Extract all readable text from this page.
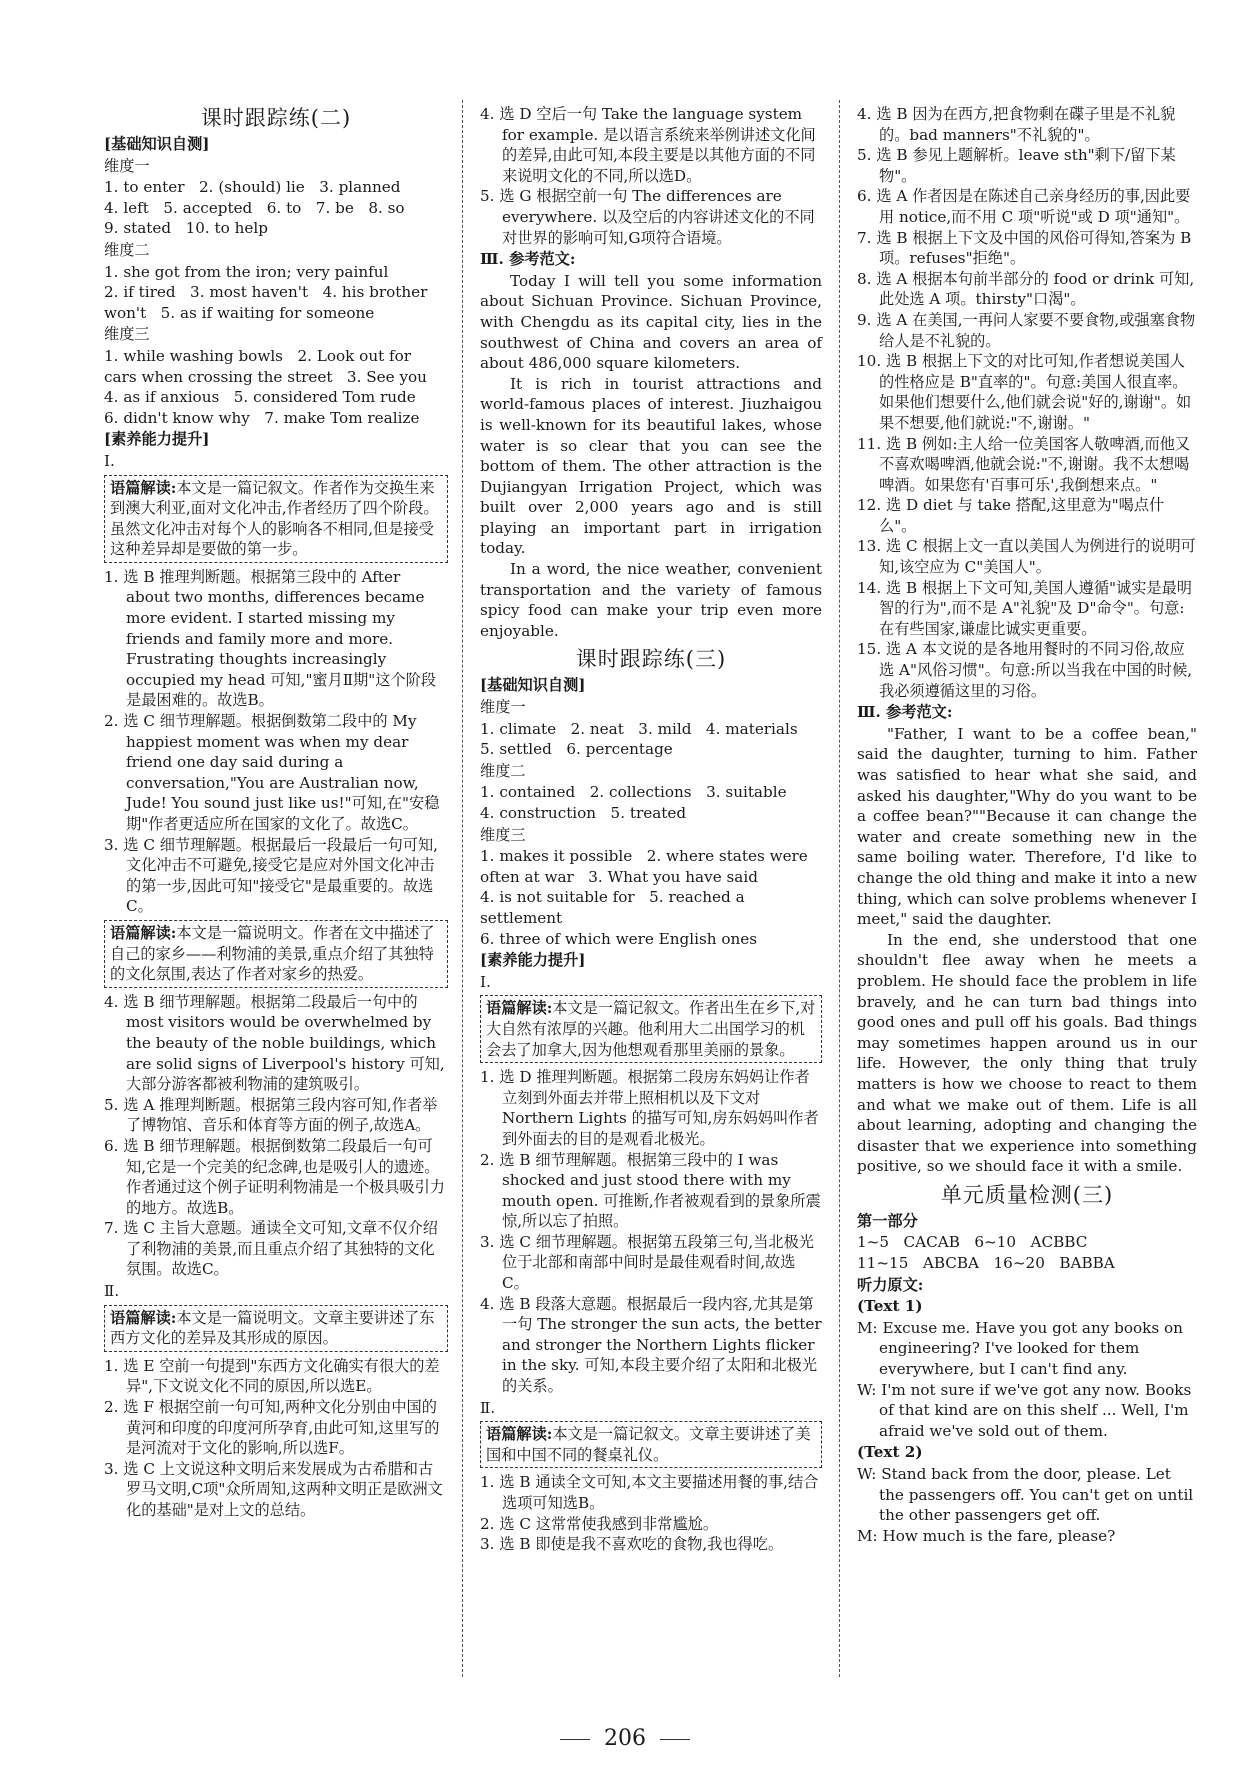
课时跟踪练(二)
[基础知识自测]
维度一
1. to enter   2. (should) lie   3. planned
4. left   5. accepted   6. to   7. be   8. so
9. stated   10. to help
维度二
1. she got from the iron; very painful
2. if tired   3. most haven't   4. his brother
won't   5. as if waiting for someone
维度三
1. while washing bowls   2. Look out for
cars when crossing the street   3. See you
4. as if anxious   5. considered Tom rude
6. didn't know why   7. make Tom realize
[素养能力提升]
Ⅰ.
语篇解读:本文是一篇记叙文。作者作为交换生来到澳大利亚,面对文化冲击,作者经历了四个阶段。虽然文化冲击对每个人的影响各不相同,但是接受这种差异却是要做的第一步。

1. 选 B 推理判断题。根据第三段中的 After about two months, differences became more evident. I started missing my friends and family more and more. Frustrating thoughts increasingly occupied my head 可知,"蜜月Ⅱ期"这个阶段是最困难的。故选B。

2. 选 C 细节理解题。根据倒数第二段中的 My happiest moment was when my dear friend one day said during a conversation,"You are Australian now, Jude! You sound just like us!"可知,在"安稳期"作者更适应所在国家的文化了。故选C。

3. 选 C 细节理解题。根据最后一段最后一句可知,文化冲击不可避免,接受它是应对外国文化冲击的第一步,因此可知"接受它"是最重要的。故选C。

语篇解读:本文是一篇说明文。作者在文中描述了自己的家乡——利物浦的美景,重点介绍了其独特的文化氛围,表达了作者对家乡的热爱。

4. 选 B 细节理解题。根据第二段最后一句中的 most visitors would be overwhelmed by the beauty of the noble buildings, which are solid signs of Liverpool's history 可知,大部分游客都被利物浦的建筑吸引。

5. 选 A 推理判断题。根据第三段内容可知,作者举了博物馆、音乐和体育等方面的例子,故选A。

6. 选 B 细节理解题。根据倒数第二段最后一句可知,它是一个完美的纪念碑,也是吸引人的遗迹。作者通过这个例子证明利物浦是一个极具吸引力的地方。故选B。

7. 选 C 主旨大意题。通读全文可知,文章不仅介绍了利物浦的美景,而且重点介绍了其独特的文化氛围。故选C。

Ⅱ.
语篇解读:本文是一篇说明文。文章主要讲述了东西方文化的差异及其形成的原因。

1. 选 E 空前一句提到"东西方文化确实有很大的差异",下文说文化不同的原因,所以选E。

2. 选 F 根据空前一句可知,两种文化分别由中国的黄河和印度的印度河所孕育,由此可知,这里写的是河流对于文化的影响,所以选F。

3. 选 C 上文说这种文明后来发展成为古希腊和古罗马文明,C项"众所周知,这两种文明正是欧洲文化的基础"是对上文的总结。

4. 选 D 空后一句 Take the language system for example. 是以语言系统来举例讲述文化间的差异,由此可知,本段主要是以其他方面的不同来说明文化的不同,所以选D。

5. 选 G 根据空前一句 The differences are everywhere. 以及空后的内容讲述文化的不同对世界的影响可知,G项符合语境。

Ⅲ. 参考范文:

Today I will tell you some information about Sichuan Province. Sichuan Province, with Chengdu as its capital city, lies in the southwest of China and covers an area of about 486,000 square kilometers.

It is rich in tourist attractions and world-famous places of interest. Jiuzhaigou is well-known for its beautiful lakes, whose water is so clear that you can see the bottom of them. The other attraction is the Dujiangyan Irrigation Project, which was built over 2,000 years ago and is still playing an important part in irrigation today.

In a word, the nice weather, convenient transportation and the variety of famous spicy food can make your trip even more enjoyable.

课时跟踪练(三)
[基础知识自测]
维度一
1. climate   2. neat   3. mild   4. materials
5. settled   6. percentage
维度二
1. contained   2. collections   3. suitable
4. construction   5. treated
维度三
1. makes it possible   2. where states were
often at war   3. What you have said
4. is not suitable for   5. reached a settlement
6. three of which were English ones
[素养能力提升]
Ⅰ.
语篇解读:本文是一篇记叙文。作者出生在乡下,对大自然有浓厚的兴趣。他利用大二出国学习的机会去了加拿大,因为他想观看那里美丽的景象。

1. 选 D 推理判断题。根据第二段房东妈妈让作者立刻到外面去并带上照相机以及下文对 Northern Lights 的描写可知,房东妈妈叫作者到外面去的目的是观看北极光。

2. 选 B 细节理解题。根据第三段中的 I was shocked and just stood there with my mouth open. 可推断,作者被观看到的景象所震惊,所以忘了拍照。

3. 选 C 细节理解题。根据第五段第三句,当北极光位于北部和南部中间时是最佳观看时间,故选C。

4. 选 B 段落大意题。根据最后一段内容,尤其是第一句 The stronger the sun acts, the better and stronger the Northern Lights flicker in the sky. 可知,本段主要介绍了太阳和北极光的关系。

Ⅱ.
语篇解读:本文是一篇记叙文。文章主要讲述了美国和中国不同的餐桌礼仪。

1. 选 B 通读全文可知,本文主要描述用餐的事,结合选项可知选B。

2. 选 C 这常常使我感到非常尴尬。

3. 选 B 即使是我不喜欢吃的食物,我也得吃。

4. 选 B 因为在西方,把食物剩在碟子里是不礼貌的。bad manners"不礼貌的"。

5. 选 B 参见上题解析。leave sth"剩下/留下某物"。

6. 选 A 作者因是在陈述自己亲身经历的事,因此要用 notice,而不用 C 项"听说"或 D 项"通知"。

7. 选 B 根据上下文及中国的风俗可得知,答案为 B 项。refuses"拒绝"。

8. 选 A 根据本句前半部分的 food or drink 可知,此处选 A 项。thirsty"口渴"。

9. 选 A 在美国,一再问人家要不要食物,或强塞食物给人是不礼貌的。

10. 选 B 根据上下文的对比可知,作者想说美国人的性格应是 B"直率的"。句意:美国人很直率。如果他们想要什么,他们就会说"好的,谢谢"。如果不想要,他们就说:"不,谢谢。"

11. 选 B 例如:主人给一位美国客人敬啤酒,而他又不喜欢喝啤酒,他就会说:"不,谢谢。我不太想喝啤酒。如果您有'百事可乐',我倒想来点。"

12. 选 D diet 与 take 搭配,这里意为"喝点什么"。

13. 选 C 根据上文一直以美国人为例进行的说明可知,该空应为 C"美国人"。

14. 选 B 根据上下文可知,美国人遵循"诚实是最明智的行为",而不是 A"礼貌"及 D"命令"。句意:在有些国家,谦虚比诚实更重要。

15. 选 A 本文说的是各地用餐时的不同习俗,故应选 A"风俗习惯"。句意:所以当我在中国的时候,我必须遵循这里的习俗。

Ⅲ. 参考范文:

"Father, I want to be a coffee bean," said the daughter, turning to him. Father was satisfied to hear what she said, and asked his daughter,"Why do you want to be a coffee bean?""Because it can change the water and create something new in the same boiling water. Therefore, I'd like to change the old thing and make it into a new thing, which can solve problems whenever I meet," said the daughter.

In the end, she understood that one shouldn't flee away when he meets a problem. He should face the problem in life bravely, and he can turn bad things into good ones and pull off his goals. Bad things may sometimes happen around us in our life. However, the only thing that truly matters is how we choose to react to them and what we make out of them. Life is all about learning, adopting and changing the disaster that we experience into something positive, so we should face it with a smile.

单元质量检测(三)
第一部分
1~5   CACAB   6~10   ACBBC
11~15   ABCBA   16~20   BABBA
听力原文:
(Text 1)

M: Excuse me. Have you got any books on engineering? I've looked for them everywhere, but I can't find any.

W: I'm not sure if we've got any now. Books of that kind are on this shelf ... Well, I'm afraid we've sold out of them.

(Text 2)

W: Stand back from the door, please. Let the passengers off. You can't get on until the other passengers get off.

M: How much is the fare, please?

206
